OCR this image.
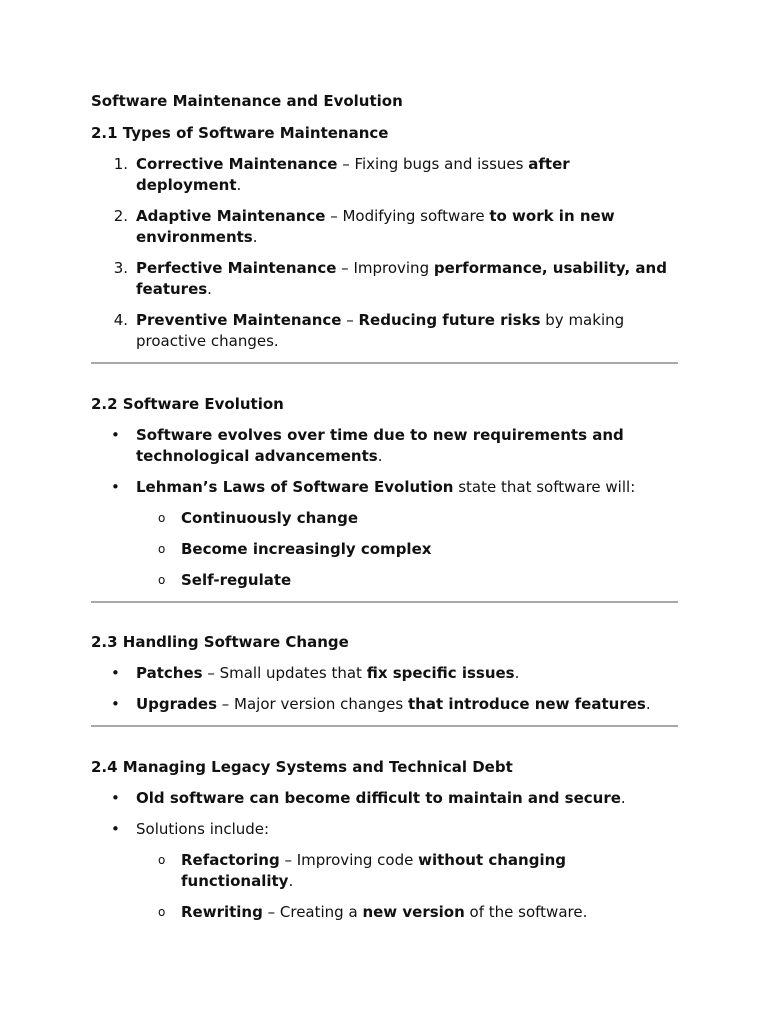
Software Maintenance and Evolution
2.1 Types of Software Maintenance
1. Corrective Maintenance – Fixing bugs and issues after deployment.
2. Adaptive Maintenance – Modifying software to work in new environments.
3. Perfective Maintenance – Improving performance, usability, and features.
4. Preventive Maintenance – Reducing future risks by making proactive changes.
2.2 Software Evolution
• Software evolves over time due to new requirements and technological advancements.
• Lehman’s Laws of Software Evolution state that software will:
o	Continuously change
o	Become increasingly complex
o	Self-regulate
2.3 Handling Software Change
• Patches – Small updates that fix specific issues.
• Upgrades – Major version changes that introduce new features.
2.4 Managing Legacy Systems and Technical Debt
• Old software can become difficult to maintain and secure.
• Solutions include:
o	Refactoring – Improving code without changing functionality.
o	Rewriting – Creating a new version of the software.
